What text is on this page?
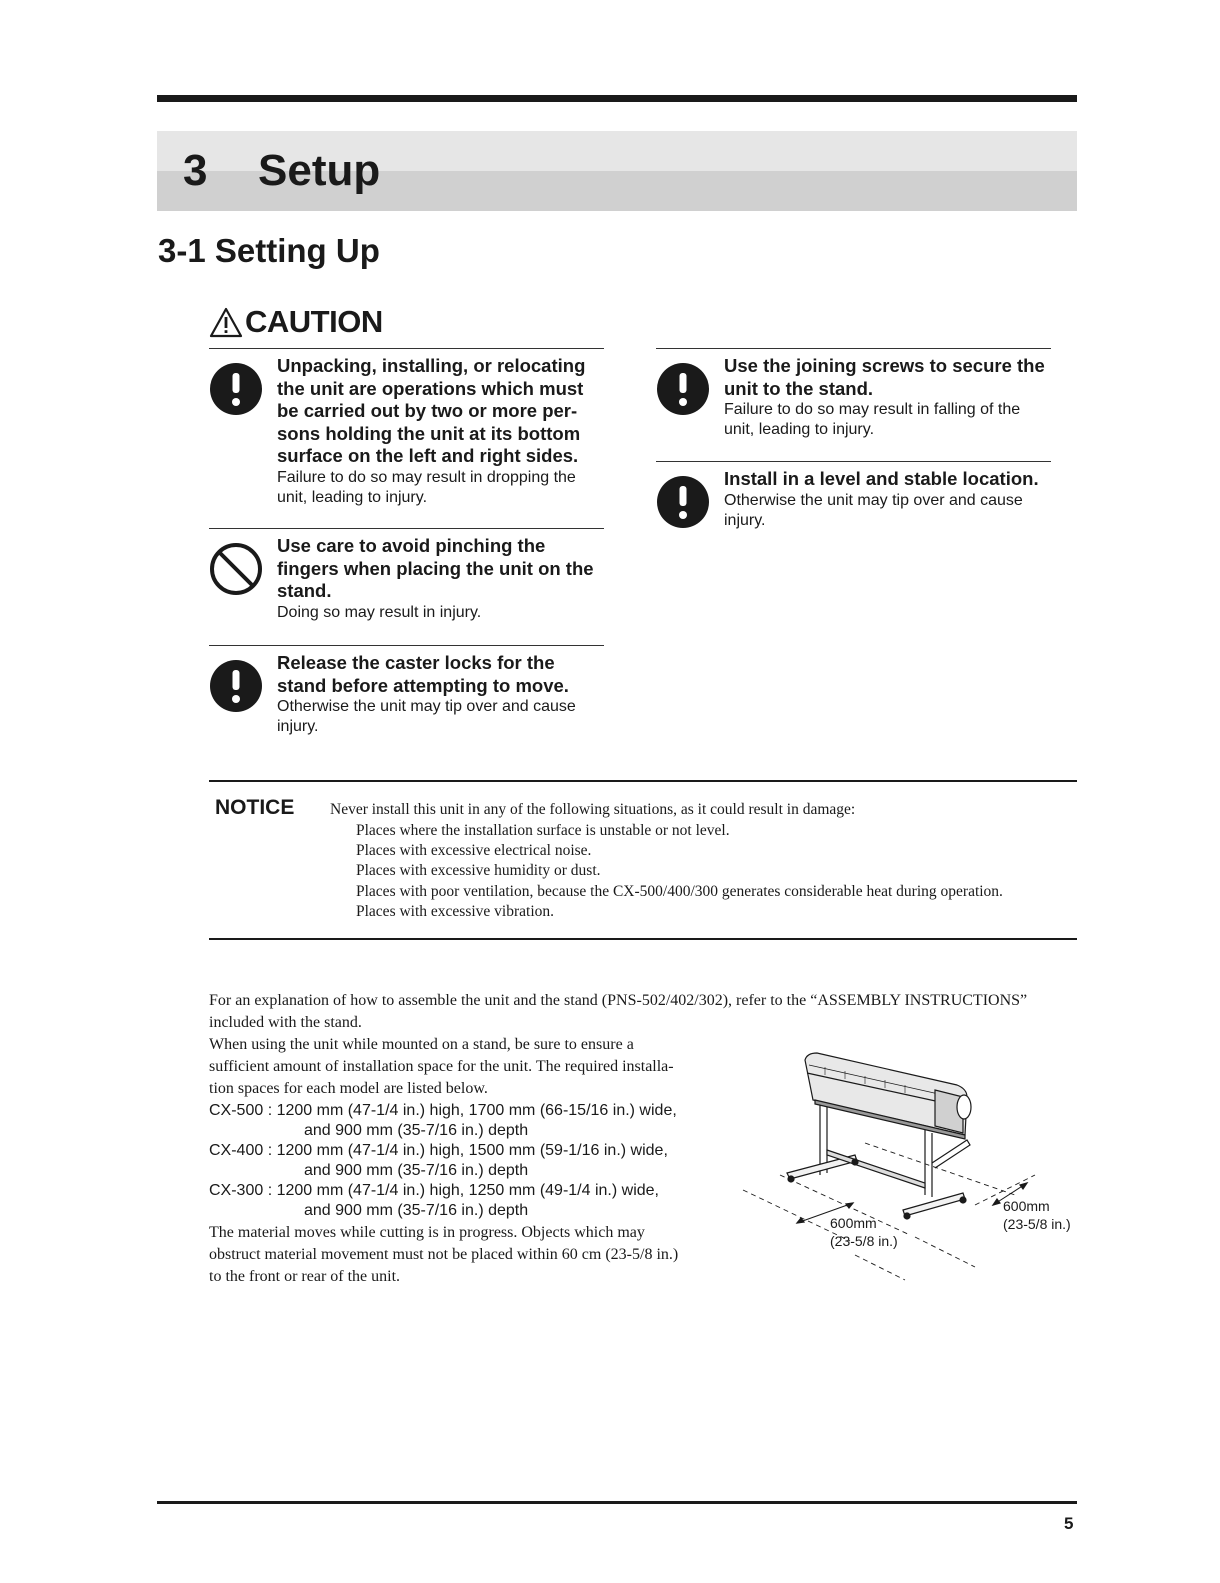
3 Setup
3-1 Setting Up
CAUTION
Unpacking, installing, or relocating the unit are operations which must be carried out by two or more per-sons holding the unit at its bottom surface on the left and right sides.
Failure to do so may result in dropping the unit, leading to injury.
Use care to avoid pinching the fingers when placing the unit on the stand.
Doing so may result in injury.
Release the caster locks for the stand before attempting to move.
Otherwise the unit may tip over and cause injury.
Use the joining screws to secure the unit to the stand.
Failure to do so may result in falling of the unit, leading to injury.
Install in a level and stable location.
Otherwise the unit may tip over and cause injury.
NOTICE Never install this unit in any of the following situations, as it could result in damage:
Places where the installation surface is unstable or not level.
Places with excessive electrical noise.
Places with excessive humidity or dust.
Places with poor ventilation, because the CX-500/400/300 generates considerable heat during operation.
Places with excessive vibration.
For an explanation of how to assemble the unit and the stand (PNS-502/402/302), refer to the “ASSEMBLY INSTRUCTIONS”
included with the stand.
When using the unit while mounted on a stand, be sure to ensure a
sufficient amount of installation space for the unit. The required installa-
tion spaces for each model are listed below.
CX-500 : 1200 mm (47-1/4 in.) high, 1700 mm (66-15/16 in.) wide,
and 900 mm (35-7/16 in.) depth
CX-400 : 1200 mm (47-1/4 in.) high, 1500 mm (59-1/16 in.) wide,
and 900 mm (35-7/16 in.) depth
CX-300 : 1200 mm (47-1/4 in.) high, 1250 mm (49-1/4 in.) wide,
and 900 mm (35-7/16 in.) depth
The material moves while cutting is in progress. Objects which may
obstruct material movement must not be placed within 60 cm (23-5/8 in.)
to the front or rear of the unit.
600mm
(23-5/8 in.)
600mm
(23-5/8 in.)
5
